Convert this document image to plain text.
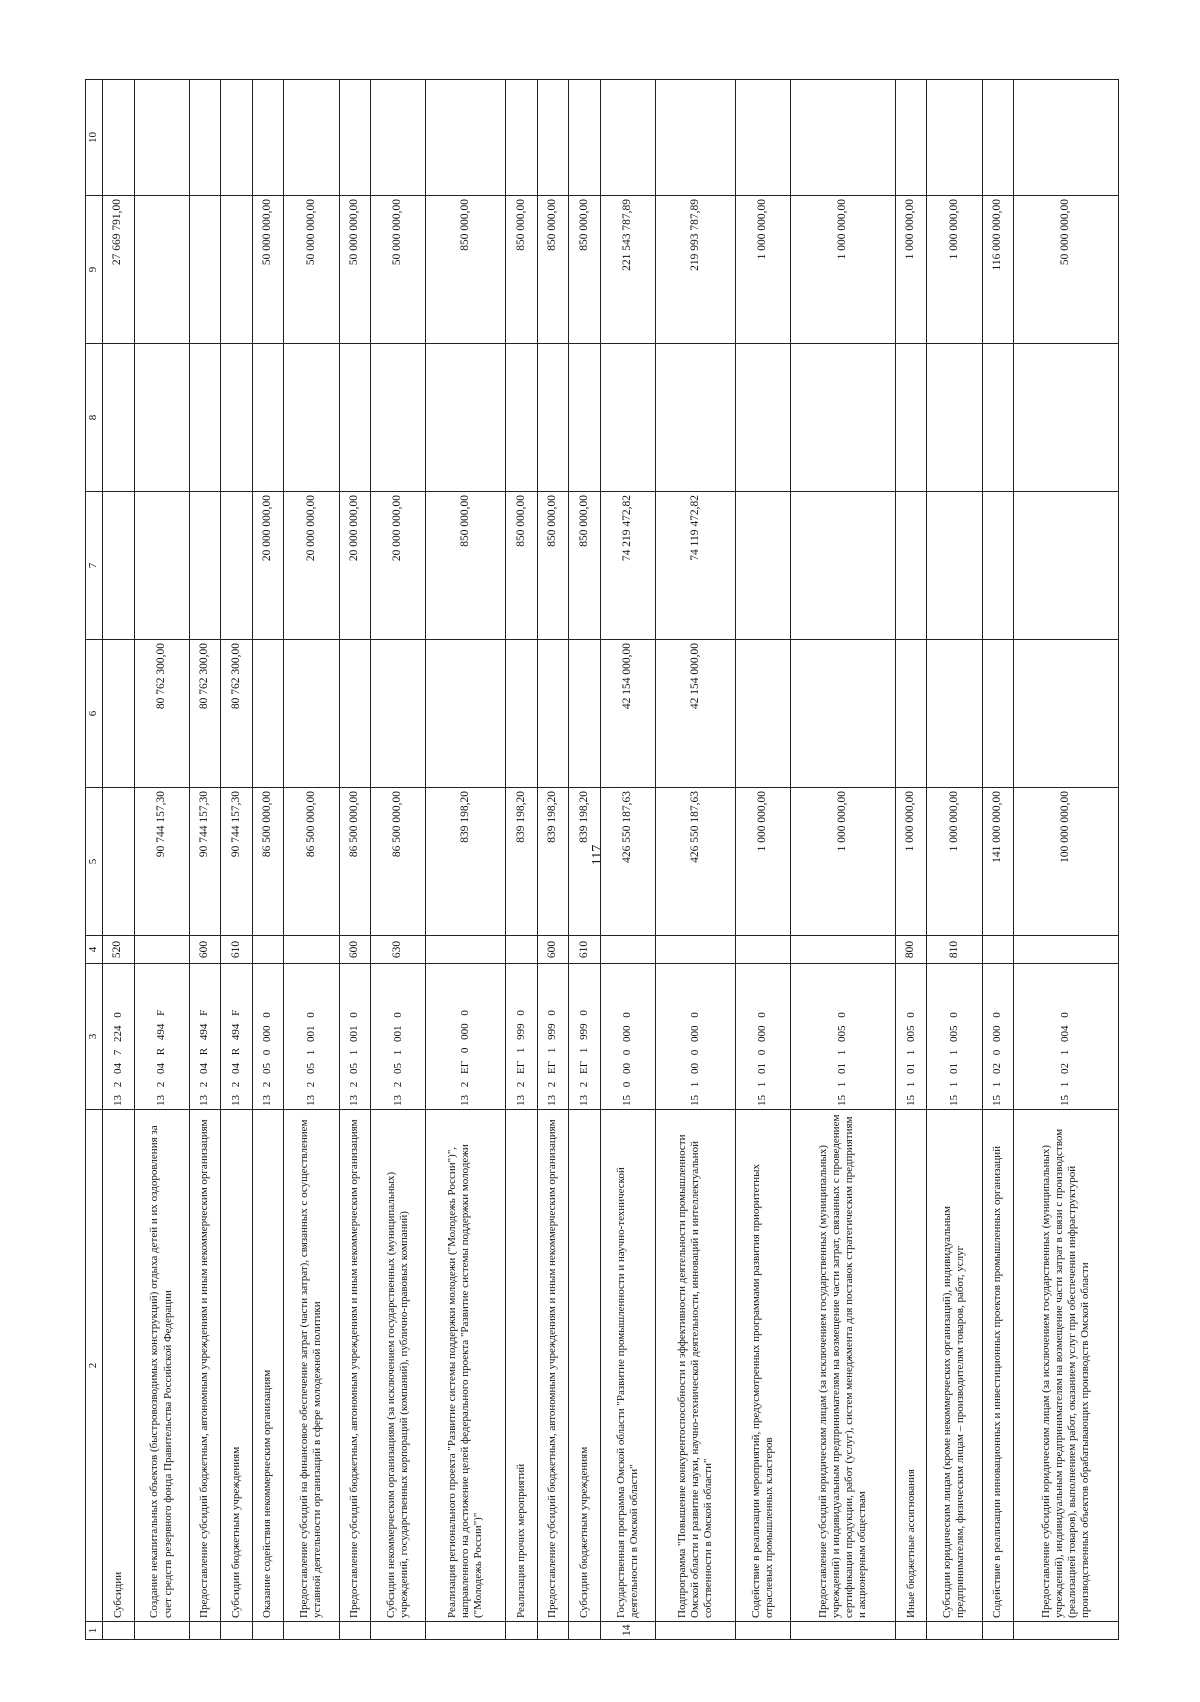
117
1	2	3	4	5	6	7	8	9	10
	Субсидии	13 2 04 7 224 0	520					27 669 791,00	
	Создание некапитальных объектов (быстровозводимых конструкций) отдыха детей и их оздоровления за счет средств резервного фонда Правительства Российской Федерации	13 2 04 R 494 F		90 744 157,30	80 762 300,00				
	Предоставление субсидий бюджетным, автономным учреждениям и иным некоммерческим организациям	13 2 04 R 494 F	600	90 744 157,30	80 762 300,00				
	Субсидии бюджетным учреждениям	13 2 04 R 494 F	610	90 744 157,30	80 762 300,00				
	Оказание содействия некоммерческим организациям	13 2 05 0 000 0		86 500 000,00		20 000 000,00		50 000 000,00	
	Предоставление субсидий на финансовое обеспечение затрат (части затрат), связанных с осуществлением уставной деятельности организаций в сфере молодежной политики	13 2 05 1 001 0		86 500 000,00		20 000 000,00		50 000 000,00	
	Предоставление субсидий бюджетным, автономным учреждениям и иным некоммерческим организациям	13 2 05 1 001 0	600	86 500 000,00		20 000 000,00		50 000 000,00	
	Субсидии некоммерческим организациям (за исключением государственных (муниципальных) учреждений, государственных корпораций (компаний), публично-правовых компаний)	13 2 05 1 001 0	630	86 500 000,00		20 000 000,00		50 000 000,00	
	Реализация регионального проекта "Развитие системы поддержки молодежи ("Молодежь России")", направленного на достижение целей федерального проекта "Развитие системы поддержки молодежи ("Молодежь России")"	13 2 ЕГ 0 000 0		839 198,20		850 000,00		850 000,00	
	Реализация прочих мероприятий	13 2 ЕГ 1 999 0		839 198,20		850 000,00		850 000,00	
	Предоставление субсидий бюджетным, автономным учреждениям и иным некоммерческим организациям	13 2 ЕГ 1 999 0	600	839 198,20		850 000,00		850 000,00	
	Субсидии бюджетным учреждениям	13 2 ЕГ 1 999 0	610	839 198,20		850 000,00		850 000,00	
14	Государственная программа Омской области "Развитие промышленности и научно-технической деятельности в Омской области"	15 0 00 0 000 0		426 550 187,63	42 154 000,00	74 219 472,82		221 543 787,89	
	Подпрограмма "Повышение конкурентоспособности и эффективности деятельности промышленности Омской области и развитие науки, научно-технической деятельности, инноваций и интеллектуальной собственности в Омской области"	15 1 00 0 000 0		426 550 187,63	42 154 000,00	74 119 472,82		219 993 787,89	
	Содействие в реализации мероприятий, предусмотренных программами развития приоритетных отраслевых промышленных кластеров	15 1 01 0 000 0		1 000 000,00				1 000 000,00	
	Предоставление субсидий юридическим лицам (за исключением государственных (муниципальных) учреждений) и индивидуальным предпринимателям на возмещение части затрат, связанных с проведением сертификации продукции, работ (услуг), систем менеджмента для поставок стратегическим предприятиям и акционерным обществам	15 1 01 1 005 0		1 000 000,00				1 000 000,00	
	Иные бюджетные ассигнования	15 1 01 1 005 0	800	1 000 000,00				1 000 000,00	
	Субсидии юридическим лицам (кроме некоммерческих организаций), индивидуальным предпринимателям, физическим лицам – производителям товаров, работ, услуг	15 1 01 1 005 0	810	1 000 000,00				1 000 000,00	
	Содействие в реализации инновационных и инвестиционных проектов промышленных организаций	15 1 02 0 000 0		141 000 000,00				116 000 000,00	
	Предоставление субсидий юридическим лицам (за исключением государственных (муниципальных) учреждений), индивидуальным предпринимателям на возмещение части затрат в связи с производством (реализацией товаров), выполнением работ, оказанием услуг при обеспечении инфраструктурой производственных объектов обрабатывающих производств Омской области	15 1 02 1 004 0		100 000 000,00				50 000 000,00	
